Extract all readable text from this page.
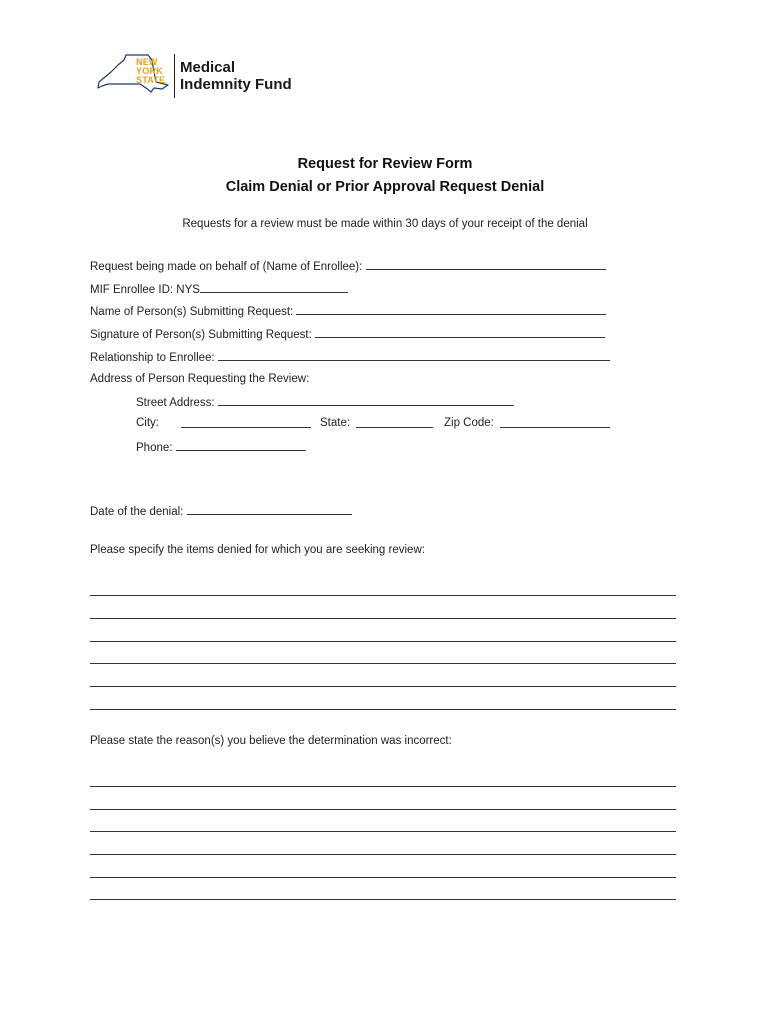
NEW
YORK
STATE
Medical
Indemnity Fund
Request for Review Form
Claim Denial or Prior Approval Request Denial
Requests for a review must be made within 30 days of your receipt of the denial
Request being made on behalf of (Name of Enrollee):
MIF Enrollee ID: NYS
Name of Person(s) Submitting Request:
Signature of Person(s) Submitting Request:
Relationship to Enrollee:
Address of Person Requesting the Review:
Street Address:
City:	State:	Zip Code:
Phone:
Date of the denial:
Please specify the items denied for which you are seeking review:
Please state the reason(s) you believe the determination was incorrect:
